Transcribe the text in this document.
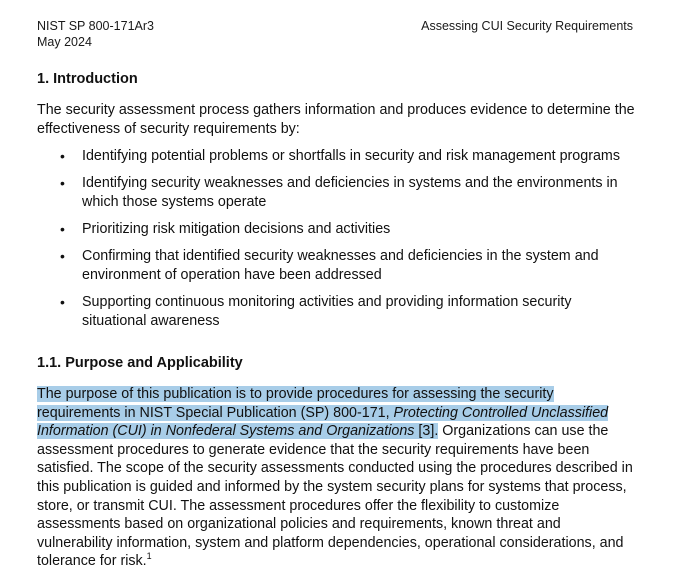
NIST SP 800-171Ar3
May 2024
Assessing CUI Security Requirements
1. Introduction
The security assessment process gathers information and produces evidence to determine the effectiveness of security requirements by:
• Identifying potential problems or shortfalls in security and risk management programs
• Identifying security weaknesses and deficiencies in systems and the environments in which those systems operate
• Prioritizing risk mitigation decisions and activities
• Confirming that identified security weaknesses and deficiencies in the system and environment of operation have been addressed
• Supporting continuous monitoring activities and providing information security situational awareness
1.1. Purpose and Applicability
The purpose of this publication is to provide procedures for assessing the security requirements in NIST Special Publication (SP) 800-171, Protecting Controlled Unclassified Information (CUI) in Nonfederal Systems and Organizations [3]. Organizations can use the assessment procedures to generate evidence that the security requirements have been satisfied. The scope of the security assessments conducted using the procedures described in this publication is guided and informed by the system security plans for systems that process, store, or transmit CUI. The assessment procedures offer the flexibility to customize assessments based on organizational policies and requirements, known threat and vulnerability information, system and platform dependencies, operational considerations, and tolerance for risk.$^1$
